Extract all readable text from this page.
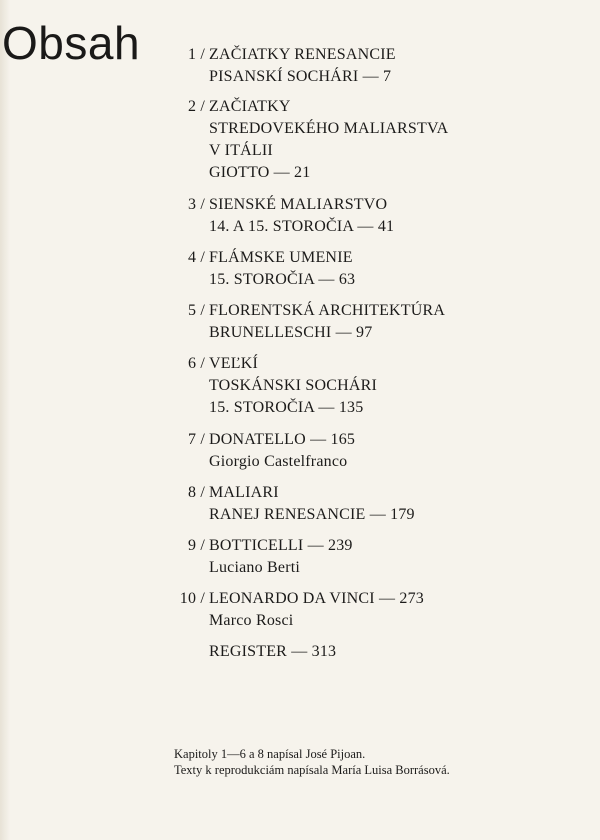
Obsah	1 / ZAČIATKY RENESANCIE
PISANSKÍ SOCHÁRI — 7
2 / ZAČIATKY
STREDOVEKÉHO MALIARSTVA
V ITÁLII
GIOTTO — 21
3 / SIENSKÉ MALIARSTVO
14. A 15. STOROČIA — 41
4 / FLÁMSKE UMENIE
15. STOROČIA — 63
5 / FLORENTSKÁ ARCHITEKTÚRA
BRUNELLESCHI — 97
6 / VEĽKÍ
TOSKÁNSKI SOCHÁRI
15. STOROČIA — 135
7 / DONATELLO — 165
Giorgio Castelfranco
8 / MALIARI
RANEJ RENESANCIE — 179
9 / BOTTICELLI — 239
Luciano Berti
10 / LEONARDO DA VINCI — 273
Marco Rosci
REGISTER — 313
Kapitoly 1—6 a 8 napísal José Pijoan.
Texty k reprodukciám napísala María Luisa Borrásová.
